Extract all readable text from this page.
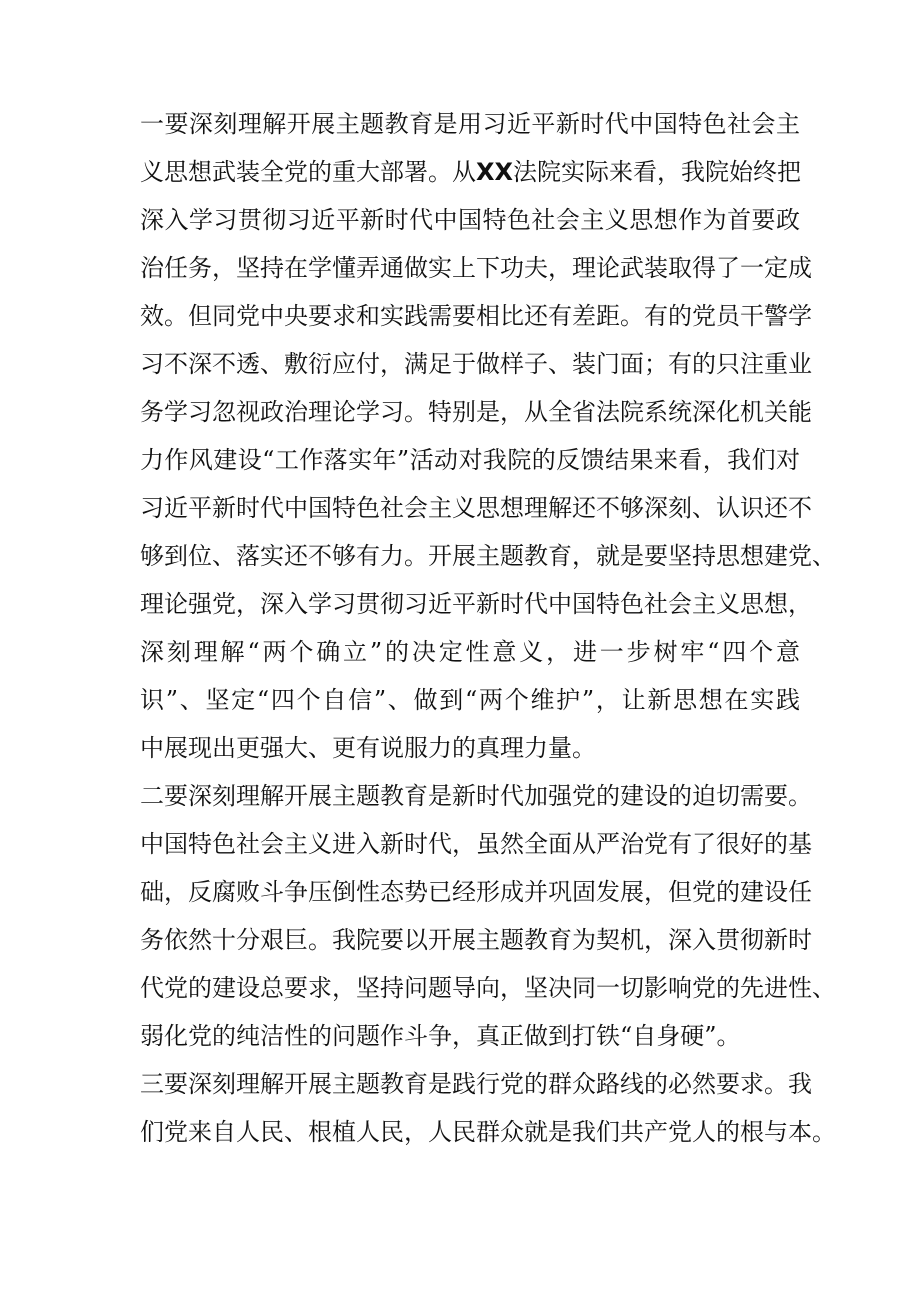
一要深刻理解开展主题教育是用习近平新时代中国特色社会主
义思想武装全党的重大部署。从XX法院实际来看，我院始终把
深入学习贯彻习近平新时代中国特色社会主义思想作为首要政
治任务，坚持在学懂弄通做实上下功夫，理论武装取得了一定成
效。但同党中央要求和实践需要相比还有差距。有的党员干警学
习不深不透、敷衍应付，满足于做样子、装门面；有的只注重业
务学习忽视政治理论学习。特别是，从全省法院系统深化机关能
力作风建设“工作落实年”活动对我院的反馈结果来看，我们对
习近平新时代中国特色社会主义思想理解还不够深刻、认识还不
够到位、落实还不够有力。开展主题教育，就是要坚持思想建党、
理论强党，深入学习贯彻习近平新时代中国特色社会主义思想，
深刻理解“两个确立”的决定性意义，进一步树牢“四个意
识”、坚定“四个自信”、做到“两个维护”，让新思想在实践
中展现出更强大、更有说服力的真理力量。
二要深刻理解开展主题教育是新时代加强党的建设的迫切需要。
中国特色社会主义进入新时代，虽然全面从严治党有了很好的基
础，反腐败斗争压倒性态势已经形成并巩固发展，但党的建设任
务依然十分艰巨。我院要以开展主题教育为契机，深入贯彻新时
代党的建设总要求，坚持问题导向，坚决同一切影响党的先进性、
弱化党的纯洁性的问题作斗争，真正做到打铁“自身硬”。
三要深刻理解开展主题教育是践行党的群众路线的必然要求。我
们党来自人民、根植人民，人民群众就是我们共产党人的根与本。
